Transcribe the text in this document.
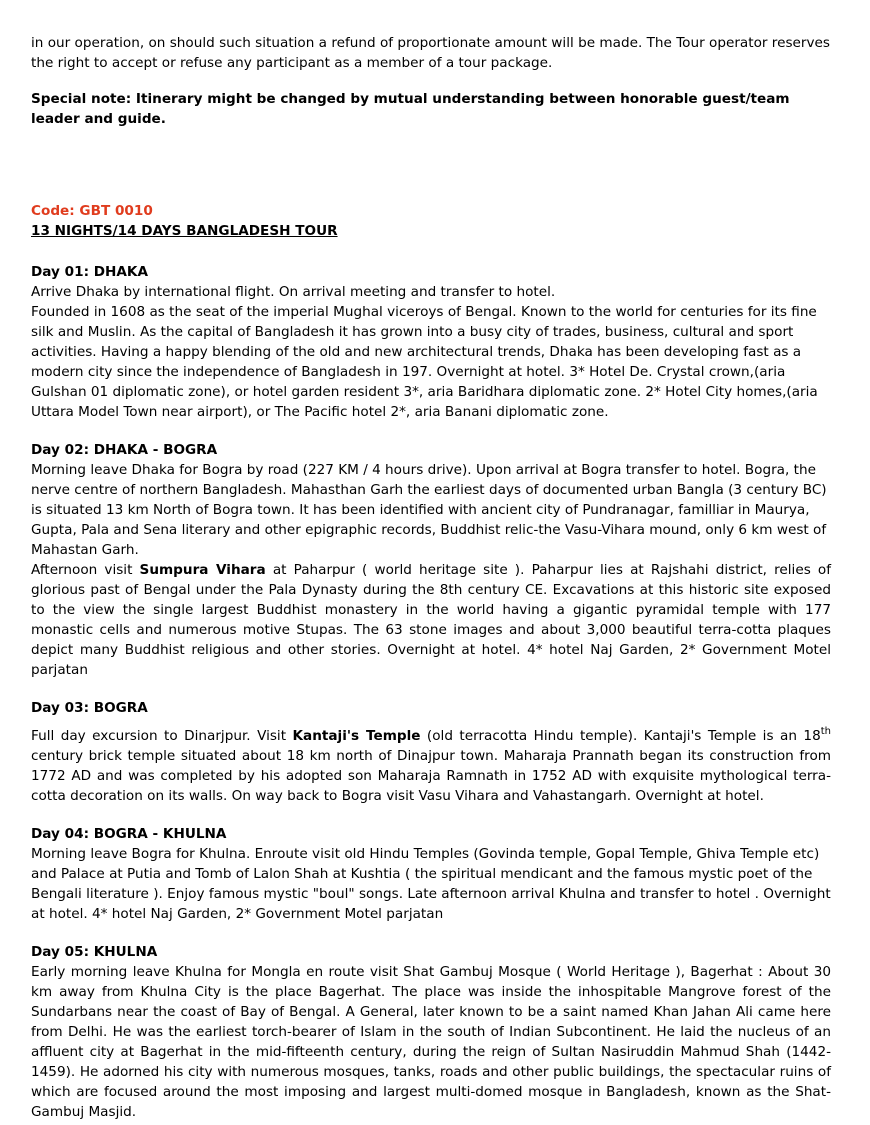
in our operation, on should such situation a refund of proportionate amount will be made. The Tour operator reserves the right to accept or refuse any participant as a member of a tour package.

Special note: Itinerary might be changed by mutual understanding between honorable guest/team leader and guide.

Code: GBT 0010

13 NIGHTS/14 DAYS BANGLADESH TOUR

Day 01: DHAKA

Arrive Dhaka by international flight. On arrival meeting and transfer to hotel.

Founded in 1608 as the seat of the imperial Mughal viceroys of Bengal. Known to the world for centuries for its fine silk and Muslin. As the capital of Bangladesh it has grown into a busy city of trades, business, cultural and sport activities. Having a happy blending of the old and new architectural trends, Dhaka has been developing fast as a modern city since the independence of Bangladesh in 197. Overnight at hotel. 3* Hotel De. Crystal crown,(aria Gulshan 01 diplomatic zone), or hotel garden resident 3*, aria Baridhara diplomatic zone. 2* Hotel City homes,(aria Uttara Model Town near airport), or The Pacific hotel 2*, aria Banani diplomatic zone.

Day 02: DHAKA - BOGRA

Morning leave Dhaka for Bogra by road (227 KM / 4 hours drive). Upon arrival at Bogra transfer to hotel. Bogra, the nerve centre of northern Bangladesh. Mahasthan Garh the earliest days of documented urban Bangla (3 century BC) is situated 13 km North of Bogra town. It has been identified with ancient city of Pundranagar, familliar in Maurya, Gupta, Pala and Sena literary and other epigraphic records, Buddhist relic-the Vasu-Vihara mound, only 6 km west of Mahastan Garh.

Afternoon visit Sumpura Vihara at Paharpur ( world heritage site ). Paharpur lies at Rajshahi district, relies of glorious past of Bengal under the Pala Dynasty during the 8th century CE. Excavations at this historic site exposed to the view the single largest Buddhist monastery in the world having a gigantic pyramidal temple with 177 monastic cells and numerous motive Stupas. The 63 stone images and about 3,000 beautiful terra-cotta plaques depict many Buddhist religious and other stories. Overnight at hotel. 4* hotel Naj Garden, 2* Government Motel parjatan

Day 03: BOGRA

Full day excursion to Dinarjpur. Visit Kantaji's Temple (old terracotta Hindu temple). Kantaji's Temple is an 18th century brick temple situated about 18 km north of Dinajpur town. Maharaja Prannath began its construction from 1772 AD and was completed by his adopted son Maharaja Ramnath in 1752 AD with exquisite mythological terra-cotta decoration on its walls. On way back to Bogra visit Vasu Vihara and Vahastangarh. Overnight at hotel.

Day 04: BOGRA - KHULNA

Morning leave Bogra for Khulna. Enroute visit old Hindu Temples (Govinda temple, Gopal Temple, Ghiva Temple etc) and Palace at Putia and Tomb of Lalon Shah at Kushtia ( the spiritual mendicant and the famous mystic poet of the Bengali literature ). Enjoy famous mystic "boul" songs. Late afternoon arrival Khulna and transfer to hotel . Overnight at hotel. 4* hotel Naj Garden, 2* Government Motel parjatan

Day 05: KHULNA

Early morning leave Khulna for Mongla en route visit Shat Gambuj Mosque ( World Heritage ), Bagerhat : About 30 km away from Khulna City is the place Bagerhat. The place was inside the inhospitable Mangrove forest of the Sundarbans near the coast of Bay of Bengal. A General, later known to be a saint named Khan Jahan Ali came here from Delhi. He was the earliest torch-bearer of Islam in the south of Indian Subcontinent. He laid the nucleus of an affluent city at Bagerhat in the mid-fifteenth century, during the reign of Sultan Nasiruddin Mahmud Shah (1442-1459). He adorned his city with numerous mosques, tanks, roads and other public buildings, the spectacular ruins of which are focused around the most imposing and largest multi-domed mosque in Bangladesh, known as the Shat-Gambuj Masjid.
